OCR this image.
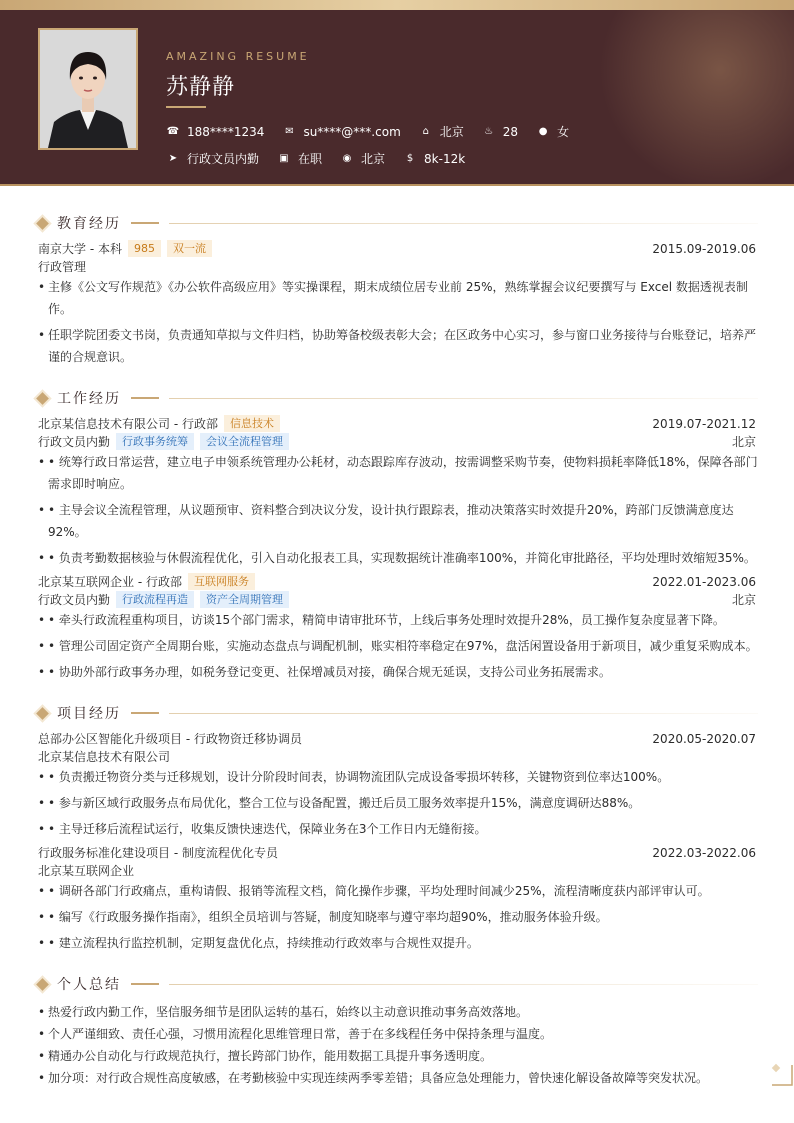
AMAZING RESUME
苏静静
☎ 188****1234 ✉ su****@***.com	⌂ 北京 ♨ 28 ● 女
➤ 行政文员内勤 ▣ 在职 ◉ 北京	$ 8k-12k
教育经历
南京大学 - 本科	985	双一流	2015.09-2019.06
行政管理
• 主修《公文写作规范》《办公软件高级应用》等实操课程，期末成绩位居专业前 25%，熟练掌握会议纪要撰写与 Excel 数据透视表制作。
• 任职学院团委文书岗，负责通知草拟与文件归档，协助筹备校级表彰大会；在区政务中心实习，参与窗口业务接待与台账登记，培养严谨的合规意识。
工作经历
北京某信息技术有限公司 - 行政部	信息技术	2019.07-2021.12
行政文员内勤	行政事务统筹	会议全流程管理	北京
• • 统筹行政日常运营，建立电子申领系统管理办公耗材，动态跟踪库存波动，按需调整采购节奏，使物料损耗率降低18%，保障各部门需求即时响应。
• • 主导会议全流程管理，从议题预审、资料整合到决议分发，设计执行跟踪表，推动决策落实时效提升20%，跨部门反馈满意度达92%。
• • 负责考勤数据核验与休假流程优化，引入自动化报表工具，实现数据统计准确率100%，并简化审批路径，平均处理时效缩短35%。
北京某互联网企业 - 行政部	互联网服务	2022.01-2023.06
行政文员内勤	行政流程再造	资产全周期管理	北京
• • 牵头行政流程重构项目，访谈15个部门需求，精简申请审批环节，上线后事务处理时效提升28%，员工操作复杂度显著下降。
• • 管理公司固定资产全周期台账，实施动态盘点与调配机制，账实相符率稳定在97%，盘活闲置设备用于新项目，减少重复采购成本。
• • 协助外部行政事务办理，如税务登记变更、社保增减员对接，确保合规无延误，支持公司业务拓展需求。
项目经历
总部办公区智能化升级项目 - 行政物资迁移协调员	2020.05-2020.07
北京某信息技术有限公司
• • 负责搬迁物资分类与迁移规划，设计分阶段时间表，协调物流团队完成设备零损坏转移，关键物资到位率达100%。
• • 参与新区域行政服务点布局优化，整合工位与设备配置，搬迁后员工服务效率提升15%，满意度调研达88%。
• • 主导迁移后流程试运行，收集反馈快速迭代，保障业务在3个工作日内无缝衔接。
行政服务标准化建设项目 - 制度流程优化专员	2022.03-2022.06
北京某互联网企业
• • 调研各部门行政痛点，重构请假、报销等流程文档，简化操作步骤，平均处理时间减少25%，流程清晰度获内部评审认可。
• • 编写《行政服务操作指南》，组织全员培训与答疑，制度知晓率与遵守率均超90%，推动服务体验升级。
• • 建立流程执行监控机制，定期复盘优化点，持续推动行政效率与合规性双提升。
个人总结
• 热爱行政内勤工作，坚信服务细节是团队运转的基石，始终以主动意识推动事务高效落地。
• 个人严谨细致、责任心强，习惯用流程化思维管理日常，善于在多线程任务中保持条理与温度。
• 精通办公自动化与行政规范执行，擅长跨部门协作，能用数据工具提升事务透明度。
• 加分项：对行政合规性高度敏感，在考勤核验中实现连续两季零差错；具备应急处理能力，曾快速化解设备故障等突发状况。
